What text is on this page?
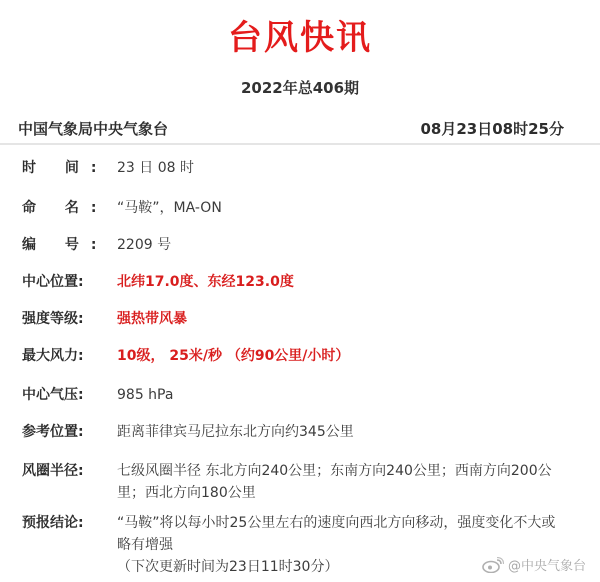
台风快讯
2022年总406期
中国气象局中央气象台	08月23日08时25分
时 间: 23 日 08 时
命 名: “马鞍”，MA-ON
编 号: 2209 号
中心位置:	北纬17.0度、东经123.0度
强度等级:	强热带风暴
最大风力:	10级， 25米/秒 （约90公里/小时）
中心气压:	985 hPa
参考位置:	距离菲律宾马尼拉东北方向约345公里
风圈半径:	七级风圈半径 东北方向240公里；东南方向240公里；西南方向200公里；西北方向180公里
预报结论:	“马鞍”将以每小时25公里左右的速度向西北方向移动，强度变化不大或略有增强
（下次更新时间为23日11时30分）	@中央气象台
